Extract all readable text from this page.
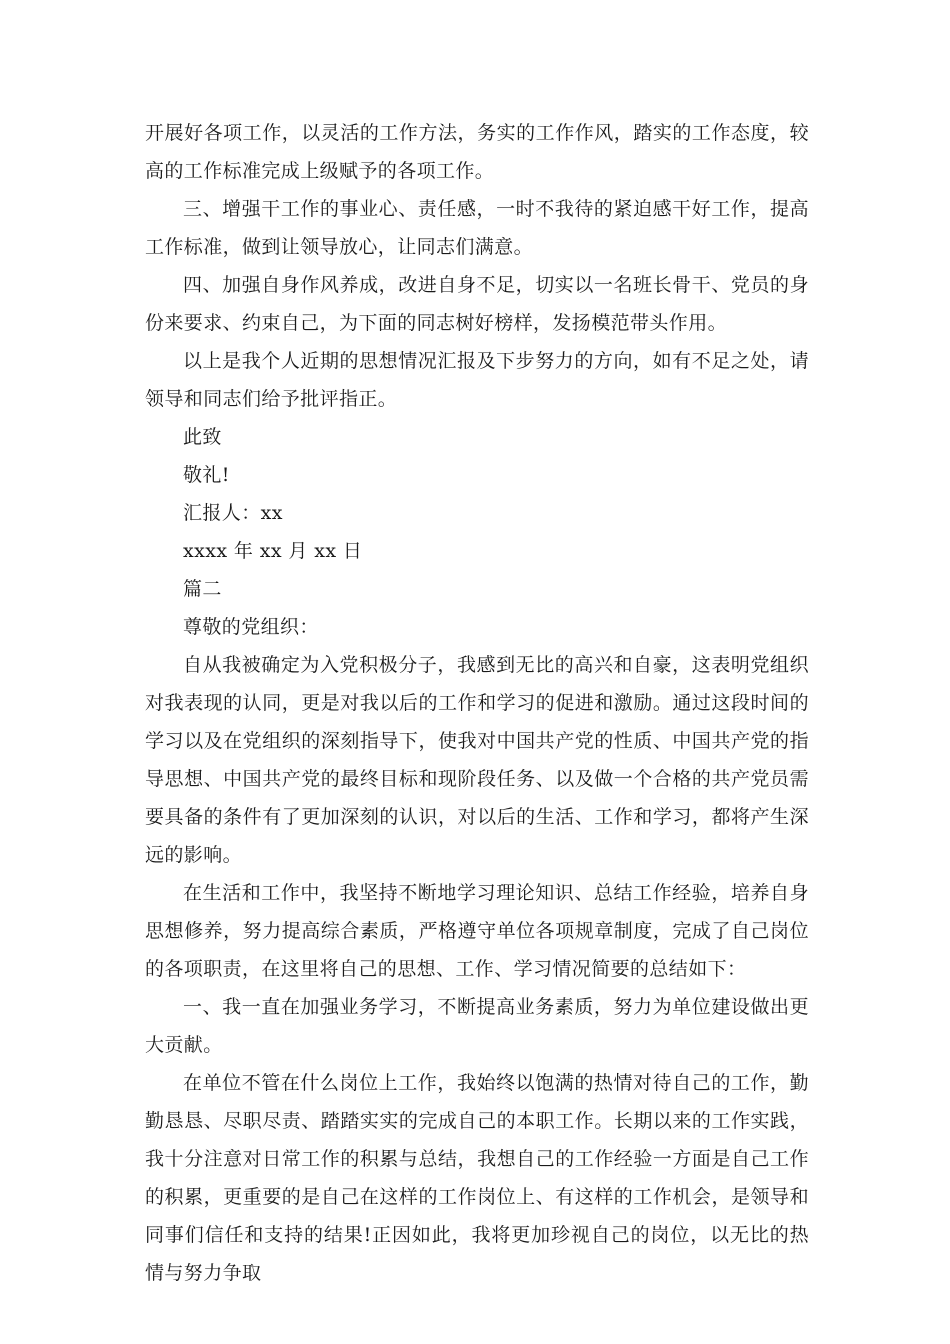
开展好各项工作，以灵活的工作方法，务实的工作作风，踏实的工作态度，较高的工作标准完成上级赋予的各项工作。

三、增强干工作的事业心、责任感，一时不我待的紧迫感干好工作，提高工作标准，做到让领导放心，让同志们满意。

四、加强自身作风养成，改进自身不足，切实以一名班长骨干、党员的身份来要求、约束自己，为下面的同志树好榜样，发扬模范带头作用。

以上是我个人近期的思想情况汇报及下步努力的方向，如有不足之处，请领导和同志们给予批评指正。

此致

敬礼!

汇报人：xx

xxxx 年 xx 月 xx 日

篇二

尊敬的党组织：

自从我被确定为入党积极分子，我感到无比的高兴和自豪，这表明党组织对我表现的认同，更是对我以后的工作和学习的促进和激励。通过这段时间的学习以及在党组织的深刻指导下，使我对中国共产党的性质、中国共产党的指导思想、中国共产党的最终目标和现阶段任务、以及做一个合格的共产党员需要具备的条件有了更加深刻的认识，对以后的生活、工作和学习，都将产生深远的影响。

在生活和工作中，我坚持不断地学习理论知识、总结工作经验，培养自身思想修养，努力提高综合素质，严格遵守单位各项规章制度，完成了自己岗位的各项职责，在这里将自己的思想、工作、学习情况简要的总结如下：

一、我一直在加强业务学习，不断提高业务素质，努力为单位建设做出更大贡献。

在单位不管在什么岗位上工作，我始终以饱满的热情对待自己的工作，勤勤恳恳、尽职尽责、踏踏实实的完成自己的本职工作。长期以来的工作实践，我十分注意对日常工作的积累与总结，我想自己的工作经验一方面是自己工作的积累，更重要的是自己在这样的工作岗位上、有这样的工作机会，是领导和同事们信任和支持的结果!正因如此，我将更加珍视自己的岗位，以无比的热情与努力争取
